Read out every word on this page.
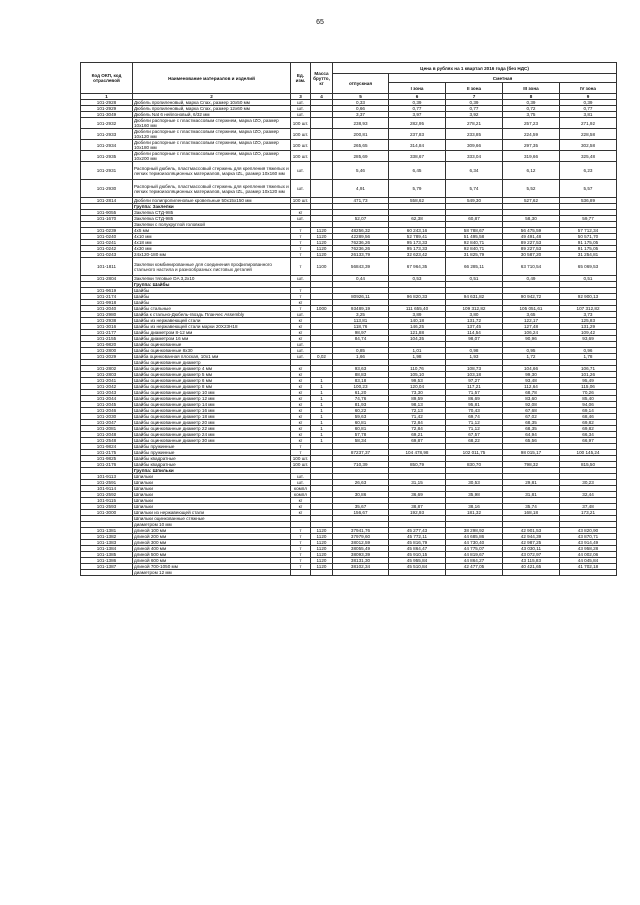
65
Код ОКП, код отраслевой	Наименование материалов и изделий	Ед. изм.	Масса брутто, кг	Цена в рублях на 1 квартал 2016 года (без НДС)				
				отпускная	Сметная			
					I зона	II зона	III зона	IV зона
1	2	3	4	5	6	7	8	9
101-2928	Дюбель пропиленовый, марка Спах, размер 10х50 мм	шт.		0,33	0,39	0,39	0,39	0,39
101-2929	Дюбель пропиленовый, марка Спах, размер 12х60 мм	шт.		0,66	0,77	0,77	0,72	0,77
101-3049	Дюбель Nat 6 нейлоновый, 6/32 мм	шт.		3,37	3,97	3,92	3,75	3,81
101-2932	Дюбели распорные с пластмассовым стержнем, марка IZO, размер 10х160 мм	100 шт.		238,93	282,95	278,21	257,23	271,92
101-2933	Дюбели распорные с пластмассовым стержнем, марка IZO, размер 10х120 мм	100 шт.		200,81	237,83	233,85	224,59	228,58
101-2934	Дюбели распорные с пластмассовым стержнем, марка IZO, размер 10х180 мм	100 шт.		265,65	314,84	309,66	297,35	302,58
101-2935	Дюбели распорные с пластмассовым стержнем, марка IZO, размер 10х200 мм	100 шт.		285,69	338,67	333,04	319,66	325,48
101-2931	Распорный дюбель, пластмассовый стержень для крепления тяжелых и легких термоизоляционных материалов, марка IZL, размер 10х160 мм	шт.		5,46	6,45	6,34	6,12	6,23
101-2930	Распорный дюбель, пластмассовый стержень для крепления тяжелых и легких термоизоляционных материалов, марка IZL, размер 10х120 мм	шт.		4,91	5,79	5,74	5,52	5,57
101-2814	Дюбели полипропиленовые кровельные 50х15х150 мм	100 шт.		471,73	558,62	549,30	527,62	536,89
	Группа: Заклепки							
101-9055	Заклепка СТД-985	кг						
101-1670	Заклепка СТД-985	шт.		52,07	62,38	60,87	58,30	59,77
	Заклепки с полукруглой головкой							
101-0239	4х5 мм	т	1120	48256,32	60 243,16	58 788,67	56 475,59	57 712,34
101-0240	4х10 мм	т	1120	42289,56	52 789,41	51 495,58	49 491,48	50 571,70
101-0241	4х18 мм	т	1120	76236,26	95 173,33	92 840,71	89 227,53	91 175,05
101-0242	4х30 мм	т	1120	76236,26	95 173,33	92 840,71	89 227,53	91 175,05
101-0243	24х120-180 мм	т	1120	26133,79	32 623,42	31 825,79	30 587,20	31 254,81
101-1811	Заклепки комбинированные для соединения профилированного стального настила и разнообразных листовых деталей	т	1100	56843,39	67 964,35	66 285,11	63 710,54	65 069,53
101-2804	Заклепки тяговые DA 3,2х10	шт.		0,44	0,53	0,51	0,49	0,51
	Группа: Шайбы							
101-9619	Шайбы	т						
101-2174	Шайбы	т		80926,11	96 820,33	94 631,82	90 942,72	92 900,13
101-9918	Шайбы	кг						
101-2040	Шайбы стальные	т	1000	93489,19	111 655,40	109 312,82	105 051,61	107 312,82
101-2980	Шайба к стально-Дюбель-гвоздь Планчес Assembly	шт.		3,25	3,89	3,80	3,65	3,73
101-2938	Шайбы из нержавеющей стали	кг		113,81	140,18	131,72	122,17	125,83
101-3016	Шайбы из нержавеющей стали марки 20Х23Н18	кг		118,76	146,25	137,45	127,48	131,29
101-2177	Шайбы диаметром 8-12 мм	кг		98,97	121,88	114,54	106,24	109,42
101-2155	Шайбы диаметром 16 мм	кг		84,74	104,35	98,07	90,96	93,69
101-9820	Шайбы оцинкованные	шт.						
101-2800	Шайбы оцинкованные 8х30	шт.		0,85	1,01	0,98	0,95	0,96
101-2029	Шайба оцинкованная плоская, 10х1 мм	шт.	0,02	1,66	1,98	1,93	1,72	1,78
	Шайбы оцинкованные диаметр							
101-2802	Шайбы оцинкованные диаметр 4 мм	кг		93,63	110,76	108,73	104,66	106,71
101-2803	Шайбы оцинкованные диаметр 5 мм	кг		88,83	105,10	103,18	99,30	101,26
101-2041	Шайбы оцинкованные диаметр 6 мм	кг	1	83,18	99,53	97,27	93,48	95,49
101-2042	Шайбы оцинкованные диаметр 8 мм	кг	1	100,23	120,04	117,21	112,64	115,06
101-2043	Шайбы оцинкованные диаметр 10 мм	кг	1	61,20	73,30	71,57	68,78	70,26
101-2044	Шайбы оцинкованные диаметр 12 мм	кг	1	74,76	89,59	86,69	83,60	85,40
101-2045	Шайбы оцинкованные диаметр 14 мм	кг	1	81,93	98,13	95,81	92,08	94,06
101-2046	Шайбы оцинкованные диаметр 16 мм	кг	1	60,22	72,13	70,43	67,68	69,14
101-2030	Шайбы оцинкованные диаметр 18 мм	кг	1	59,63	71,42	69,74	67,02	68,46
101-2047	Шайбы оцинкованные диаметр 20 мм	кг	1	60,81	72,84	71,12	68,35	69,82
101-2081	Шайбы оцинкованные диаметр 22 мм	кг	1	60,81	72,84	71,12	68,35	69,82
101-2048	Шайбы оцинкованные диаметр 24 мм	кг	1	57,78	69,21	67,57	64,94	66,34
101-2548	Шайбы оцинкованные диаметр 30 мм	кг	1	58,34	69,87	68,22	65,56	66,97
101-9824	Шайбы пружинные	т						
101-2175	Шайбы пружинные	т		87237,37	104 478,98	102 011,75	98 015,17	100 145,24
101-9825	Шайбы квадратные	100 шт.						
101-2176	Шайбы квадратные	100 шт.		710,39	850,79	830,70	798,32	815,50
	Группа: Шпильки							
101-9113	Шпильки	шт.						
101-2591	Шпильки	шт.		26,63	31,15	30,53	29,81	30,23
101-9114	Шпильки	компл						
101-2592	Шпильки	компл		30,86	36,69	35,98	31,81	32,44
101-9115	Шпильки	кг						
101-2593	Шпильки	кг		35,67	38,87	38,16	35,74	37,48
101-3000	Шпильки из нержавеющей стали	кг		156,67	192,93	181,32	168,18	173,21
	Шпильки оцинкованные стяжные							
	диаметром 10 мм							
101-1381	длиной 100 мм	т	1120	37941,76	45 277,43	38 298,92	42 901,53	43 820,90
101-1382	длиной 200 мм	т	1120	37979,60	45 772,11	44 685,86	42 944,39	43 870,71
101-1383	длиной 300 мм	т	1120	38012,59	45 816,79	44 730,40	42 987,25	43 914,49
101-1384	длиной 400 мм	т	1120	38055,49	45 864,47	44 775,07	43 030,11	43 958,28
101-1385	длиной 500 мм	т	1120	38093,39	45 910,15	44 819,67	43 072,97	44 002,06
101-1386	длиной 600 мм	т	1120	38131,30	45 955,84	44 864,27	43 115,83	44 045,84
101-1387	длиной 700-1050 мм	т	1120	38102,34	45 510,84	42 477,05	40 421,65	41 702,18
	диаметром 12 мм							
